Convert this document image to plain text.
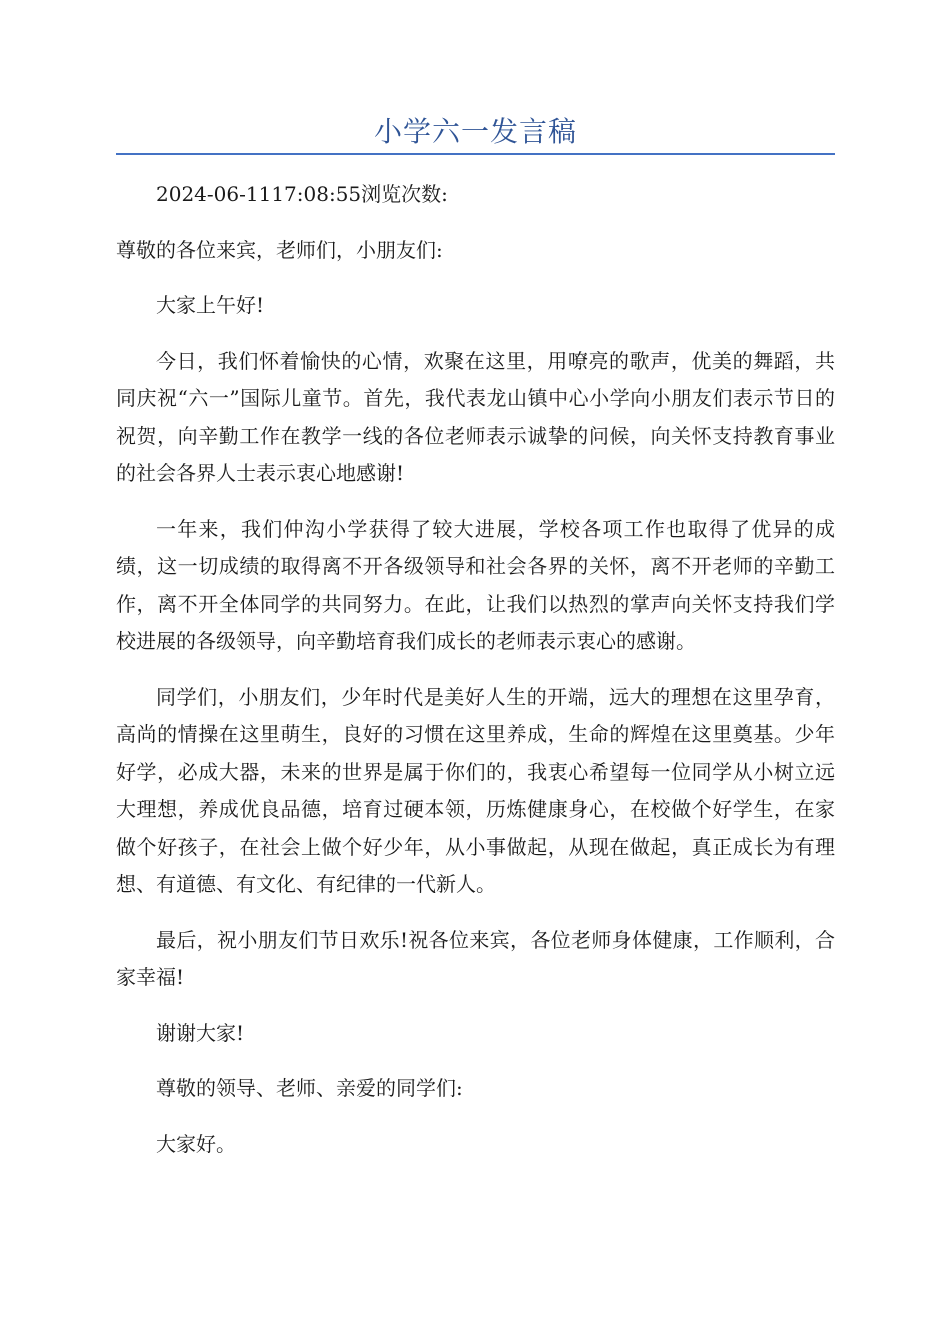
小学六一发言稿

2024-06-1117:08:55浏览次数:

尊敬的各位来宾，老师们，小朋友们:

大家上午好!

今日，我们怀着愉快的心情，欢聚在这里，用嘹亮的歌声，优美的舞蹈，共同庆祝“六一”国际儿童节。首先，我代表龙山镇中心小学向小朋友们表示节日的祝贺，向辛勤工作在教学一线的各位老师表示诚挚的问候，向关怀支持教育事业的社会各界人士表示衷心地感谢!

一年来，我们仲沟小学获得了较大进展，学校各项工作也取得了优异的成绩，这一切成绩的取得离不开各级领导和社会各界的关怀，离不开老师的辛勤工作，离不开全体同学的共同努力。在此，让我们以热烈的掌声向关怀支持我们学校进展的各级领导，向辛勤培育我们成长的老师表示衷心的感谢。

同学们，小朋友们，少年时代是美好人生的开端，远大的理想在这里孕育，高尚的情操在这里萌生，良好的习惯在这里养成，生命的辉煌在这里奠基。少年好学，必成大器，未来的世界是属于你们的，我衷心希望每一位同学从小树立远大理想，养成优良品德，培育过硬本领，历炼健康身心，在校做个好学生，在家做个好孩子，在社会上做个好少年，从小事做起，从现在做起，真正成长为有理想、有道德、有文化、有纪律的一代新人。

最后，祝小朋友们节日欢乐!祝各位来宾，各位老师身体健康，工作顺利，合家幸福!

谢谢大家!

尊敬的领导、老师、亲爱的同学们:

大家好。
